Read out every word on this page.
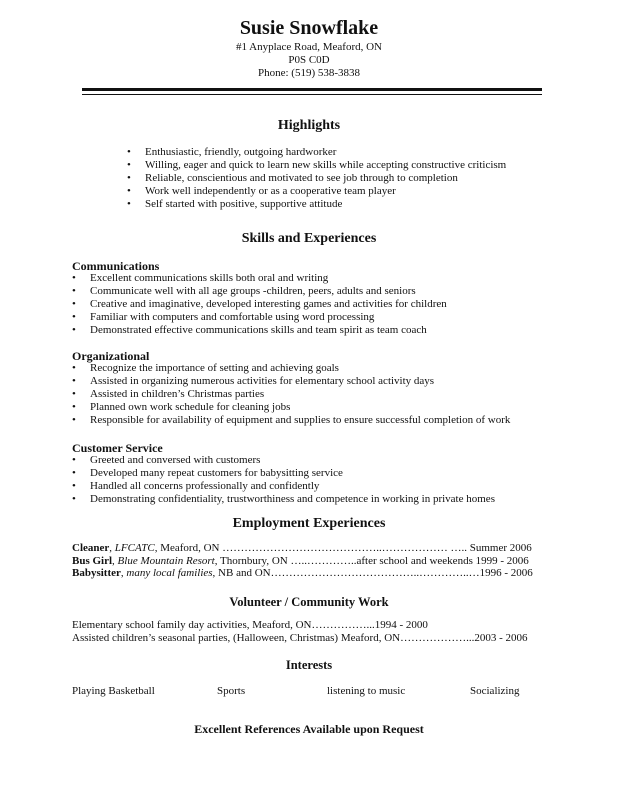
Susie Snowflake
#1 Anyplace Road, Meaford, ON
P0S C0D
Phone: (519) 538-3838
Highlights
• Enthusiastic, friendly, outgoing hardworker
• Willing, eager and quick to learn new skills while accepting constructive criticism
• Reliable, conscientious and motivated to see job through to completion
• Work well independently or as a cooperative team player
• Self started with positive, supportive attitude
Skills and Experiences
Communications
• Excellent communications skills both oral and writing
• Communicate well with all age groups -children, peers, adults and seniors
• Creative and imaginative, developed interesting games and activities for children
• Familiar with computers and comfortable using word processing
• Demonstrated effective communications skills and team spirit as team coach
Organizational
• Recognize the importance of setting and achieving goals
• Assisted in organizing numerous activities for elementary school activity days
• Assisted in children’s Christmas parties
• Planned own work schedule for cleaning jobs
• Responsible for availability of equipment and supplies to ensure successful completion of work
Customer Service
• Greeted and conversed with customers
• Developed many repeat customers for babysitting service
• Handled all concerns professionally and confidently
• Demonstrating confidentiality, trustworthiness and competence in working in private homes
Employment Experiences
Cleaner, LFCATC, Meaford, ON ……………………………………..……………… ….. Summer 2006
Bus Girl, Blue Mountain Resort, Thornbury, ON …..…………..after school and weekends 1999 - 2006
Babysitter, many local families, NB and ON…………………………………..…………..…1996 - 2006
Volunteer / Community Work
Elementary school family day activities, Meaford, ON……………...1994 - 2000
Assisted children’s seasonal parties, (Halloween, Christmas) Meaford, ON………………...2003 - 2006
Interests
Playing Basketball	Sports	listening to music	Socializing
Excellent References Available upon Request
